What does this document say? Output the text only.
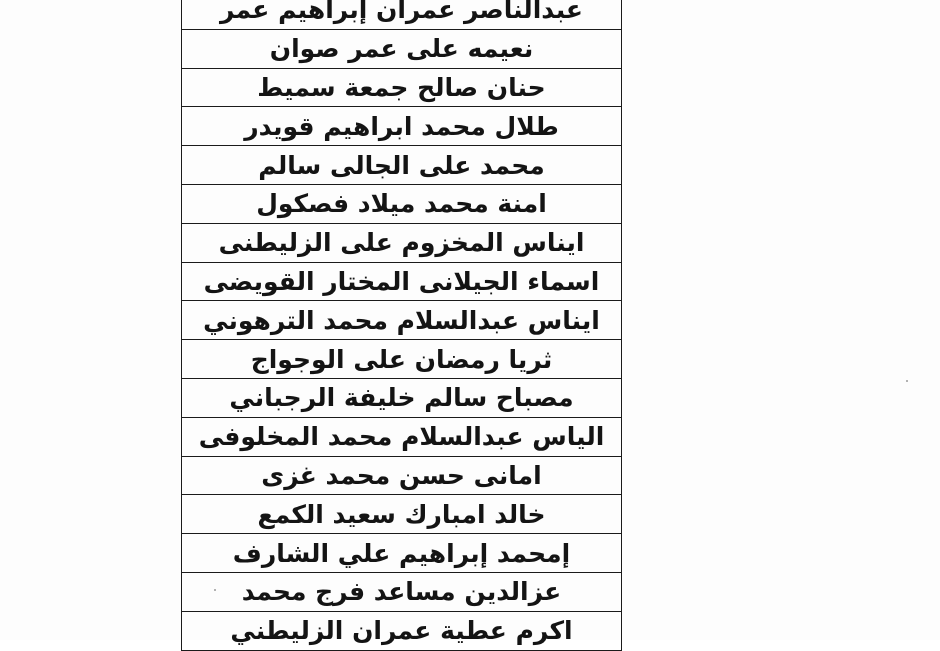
عبدالناصر عمران إبراهيم عمر
نعيمه على عمر صوان
حنان صالح جمعة سميط
طلال محمد ابراهيم قويدر
محمد على الجالى سالم
امنة محمد ميلاد فصكول
ايناس المخزوم على الزليطنى
اسماء الجيلانى المختار القويضى
ايناس عبدالسلام محمد الترهوني
ثريا رمضان على الوجواج
مصباح سالم خليفة الرجباني
الياس عبدالسلام محمد المخلوفى
امانى حسن محمد غزى
خالد امبارك سعيد الكمع
إمحمد إبراهيم علي الشارف
عزالدين مساعد فرج محمد
اكرم عطية عمران الزليطني
